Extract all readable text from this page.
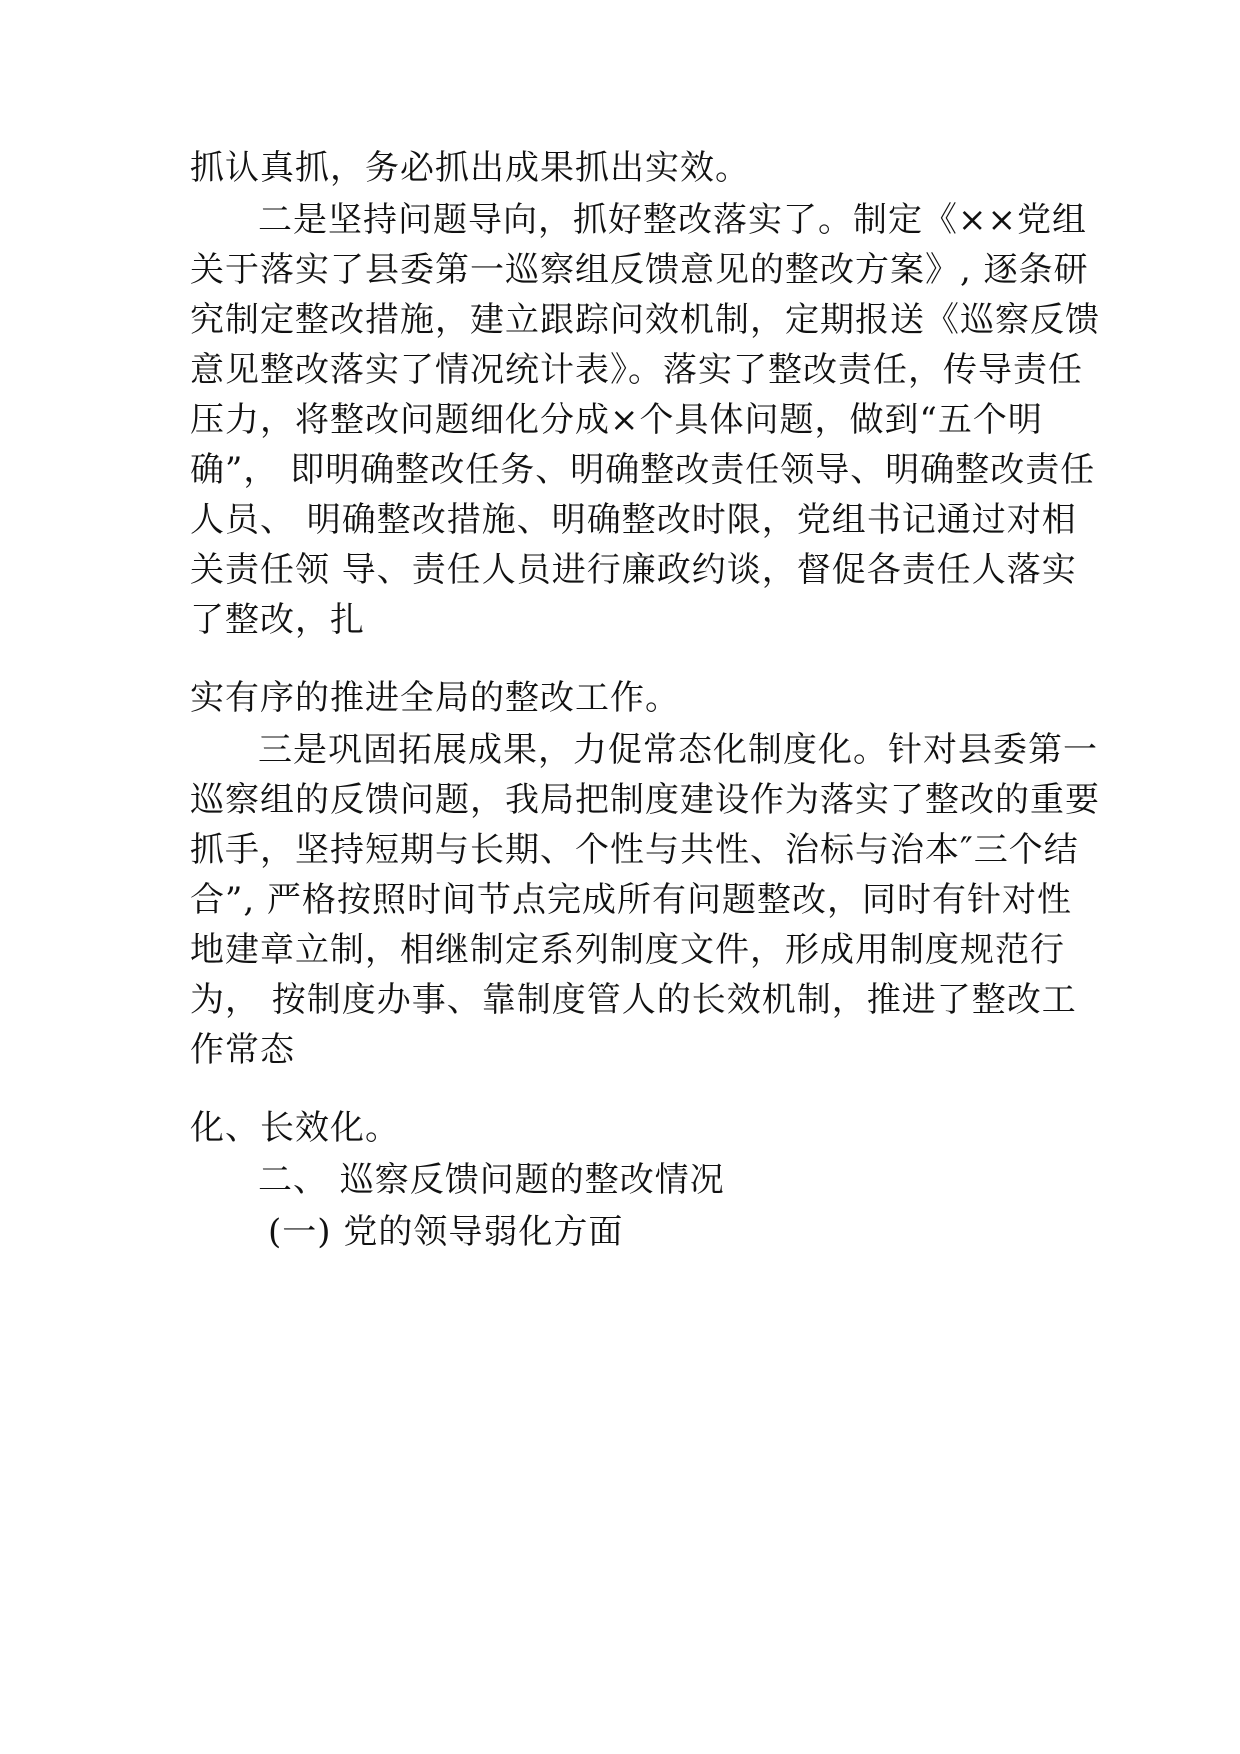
抓认真抓，务必抓出成果抓出实效。
二是坚持问题导向，抓好整改落实了。制定《××党组
关于落实了县委第一巡察组反馈意见的整改方案》, 逐条研
究制定整改措施，建立跟踪问效机制，定期报送《巡察反馈
意见整改落实了情况统计表》。落实了整改责任，传导责任
压力，将整改问题细化分成×个具体问题，做到“五个明
确”， 即明确整改任务、明确整改责任领导、明确整改责任
人员、 明确整改措施、明确整改时限，党组书记通过对相
关责任领 导、责任人员进行廉政约谈，督促各责任人落实
了整改，扎
实有序的推进全局的整改工作。
三是巩固拓展成果，力促常态化制度化。针对县委第一
巡察组的反馈问题，我局把制度建设作为落实了整改的重要
抓手，坚持短期与长期、个性与共性、治标与治本″三个结
合”, 严格按照时间节点完成所有问题整改，同时有针对性
地建章立制，相继制定系列制度文件，形成用制度规范行
为， 按制度办事、靠制度管人的长效机制，推进了整改工
作常态
化、长效化。
二、 巡察反馈问题的整改情况
(一) 党的领导弱化方面
